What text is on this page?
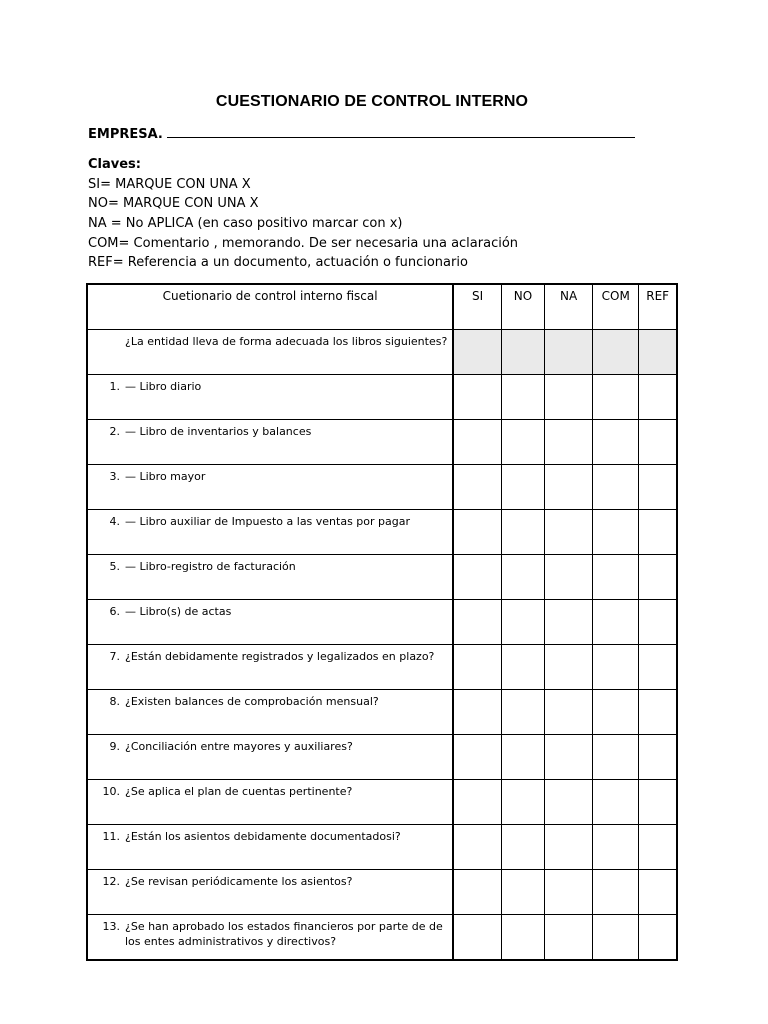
CUESTIONARIO DE CONTROL INTERNO
EMPRESA.
Claves:
SI= MARQUE CON UNA X
NO= MARQUE CON UNA X
NA = No APLICA (en caso positivo marcar con x)
COM= Comentario , memorando. De ser necesaria una aclaración
REF= Referencia a un documento, actuación o funcionario
Cuetionario de control interno fiscal	SI	NO	NA	COM	REF

¿La entidad lleva de forma adecuada los libros siguientes?					

1. — Libro diario					

2. — Libro de inventarios y balances					

3. — Libro mayor					

4. — Libro auxiliar de Impuesto a las ventas por pagar					

5. — Libro-registro de facturación					

6. — Libro(s) de actas					

7. ¿Están debidamente registrados y legalizados en plazo?					

8. ¿Existen balances de comprobación mensual?					

9. ¿Conciliación entre mayores y auxiliares?					

10. ¿Se aplica el plan de cuentas pertinente?					

11. ¿Están los asientos debidamente documentadosi?					

12. ¿Se revisan periódicamente los asientos?					

13. ¿Se han aprobado los estados financieros por parte de de los entes administrativos y directivos?					
